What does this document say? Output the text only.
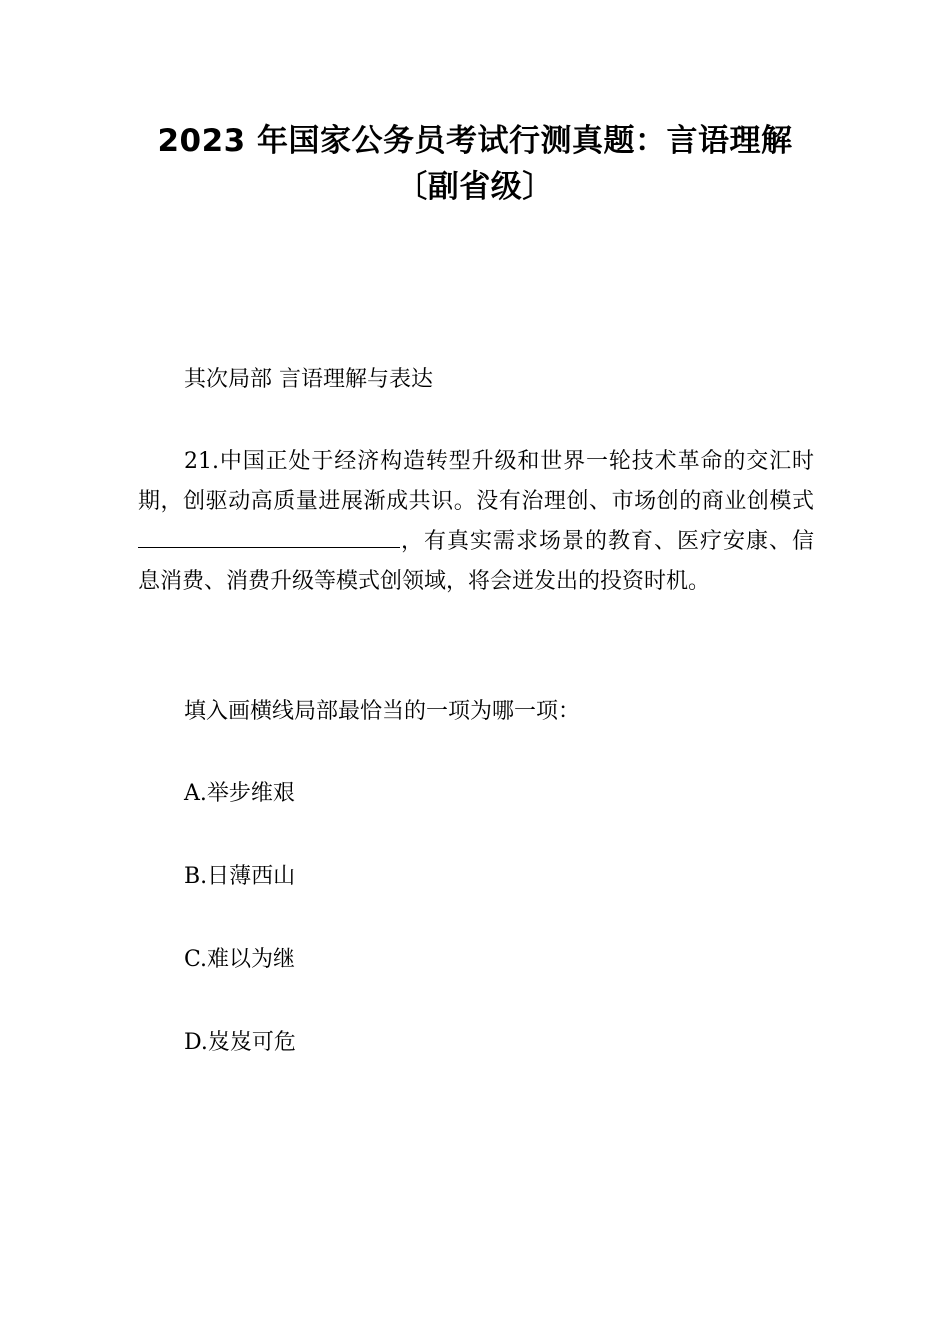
2023 年国家公务员考试行测真题：言语理解
〔副省级〕

其次局部 言语理解与表达

21.中国正处于经济构造转型升级和世界一轮技术革命的交汇时期，创驱动高质量进展渐成共识。没有治理创、市场创的商业创模式，有真实需求场景的教育、医疗安康、信息消费、消费升级等模式创领域，将会迸发出的投资时机。

填入画横线局部最恰当的一项为哪一项：

A.举步维艰

B.日薄西山

C.难以为继

D.岌岌可危
